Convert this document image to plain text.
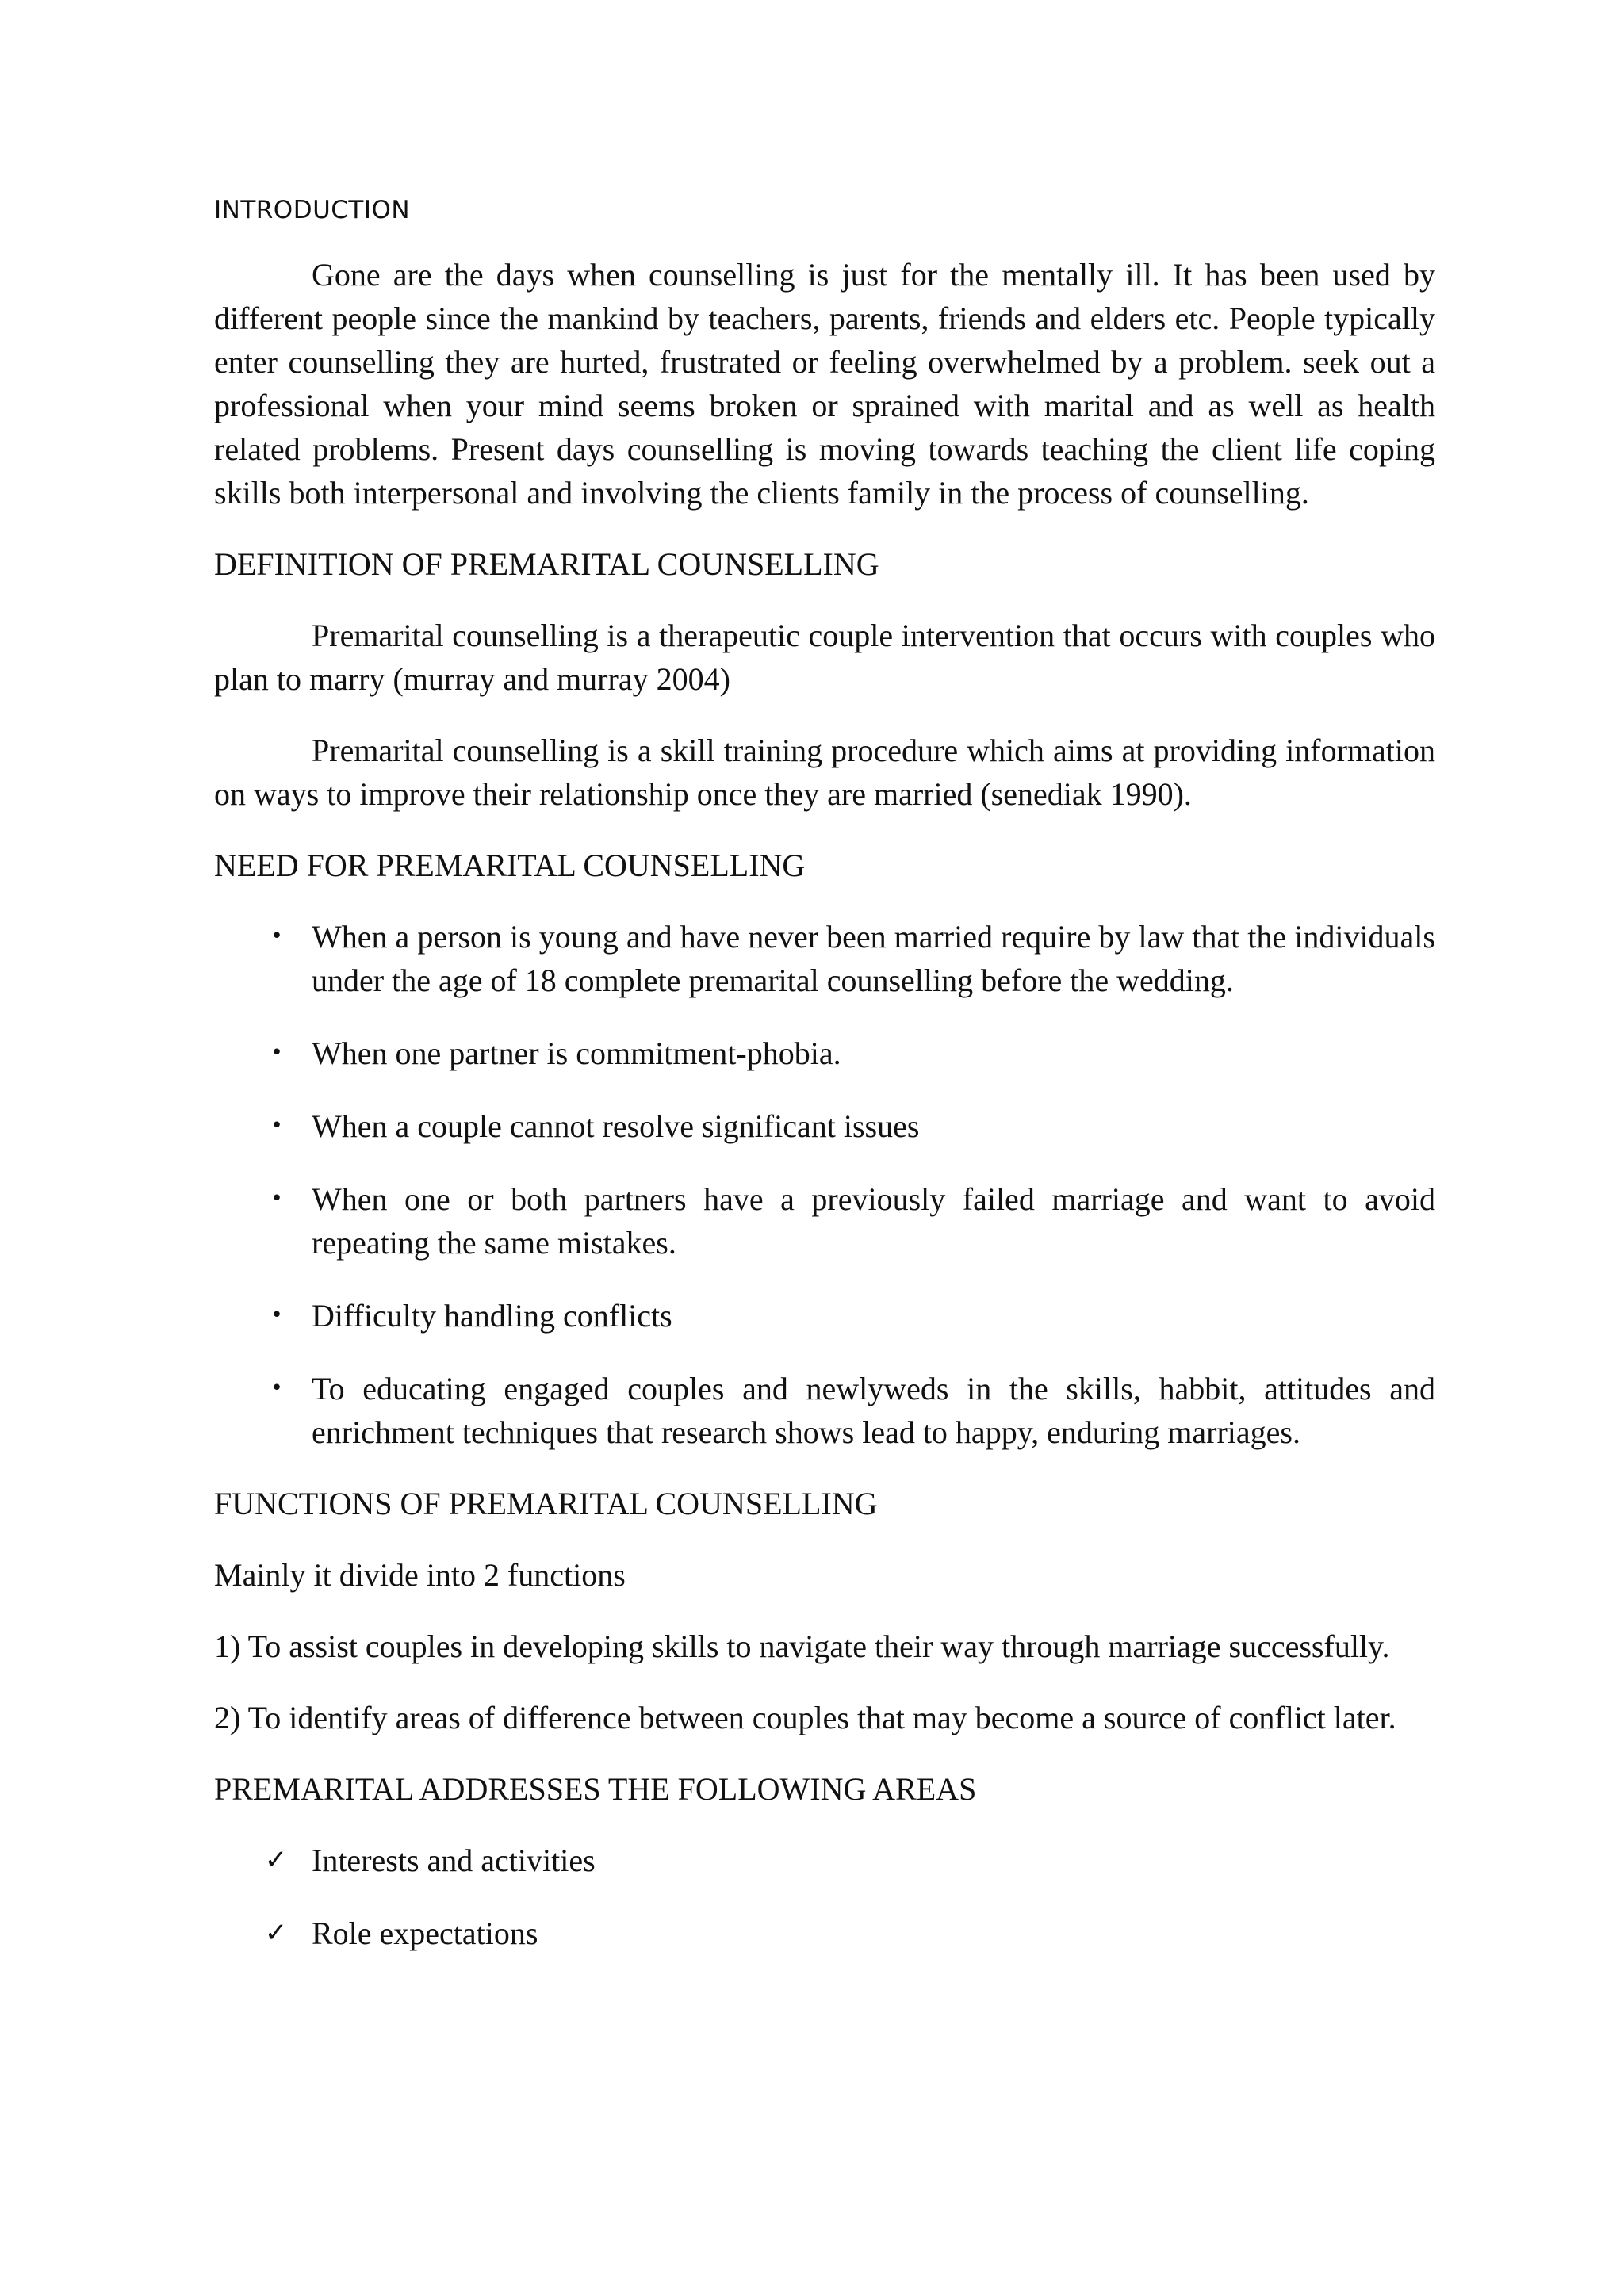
INTRODUCTION

Gone are the days when counselling is just for the mentally ill. It has been used by different people since the mankind by teachers, parents, friends and elders etc. People typically enter counselling they are hurted, frustrated or feeling overwhelmed by a problem. seek out a professional when your mind seems broken or sprained with marital and as well as health related problems. Present days counselling is moving towards teaching the client life coping skills both interpersonal and involving the clients family in the process of counselling.

DEFINITION OF PREMARITAL COUNSELLING

Premarital counselling is a therapeutic couple intervention that occurs with couples who plan to marry (murray and murray 2004)

Premarital counselling is a skill training procedure which aims at providing information on ways to improve their relationship once they are married (senediak 1990).

NEED FOR PREMARITAL COUNSELLING
• When a person is young and have never been married require by law that the individuals under the age of 18 complete premarital counselling before the wedding.
• When one partner is commitment-phobia.
• When a couple cannot resolve significant issues
• When one or both partners have a previously failed marriage and want to avoid repeating the same mistakes.
• Difficulty handling conflicts
• To educating engaged couples and newlyweds in the skills, habbit, attitudes and enrichment techniques that research shows lead to happy, enduring marriages.
FUNCTIONS OF PREMARITAL COUNSELLING

Mainly it divide into 2 functions

1) To assist couples in developing skills to navigate their way through marriage successfully.

2) To identify areas of difference between couples that may become a source of conflict later.

PREMARITAL ADDRESSES THE FOLLOWING AREAS
✓ Interests and activities
✓ Role expectations
